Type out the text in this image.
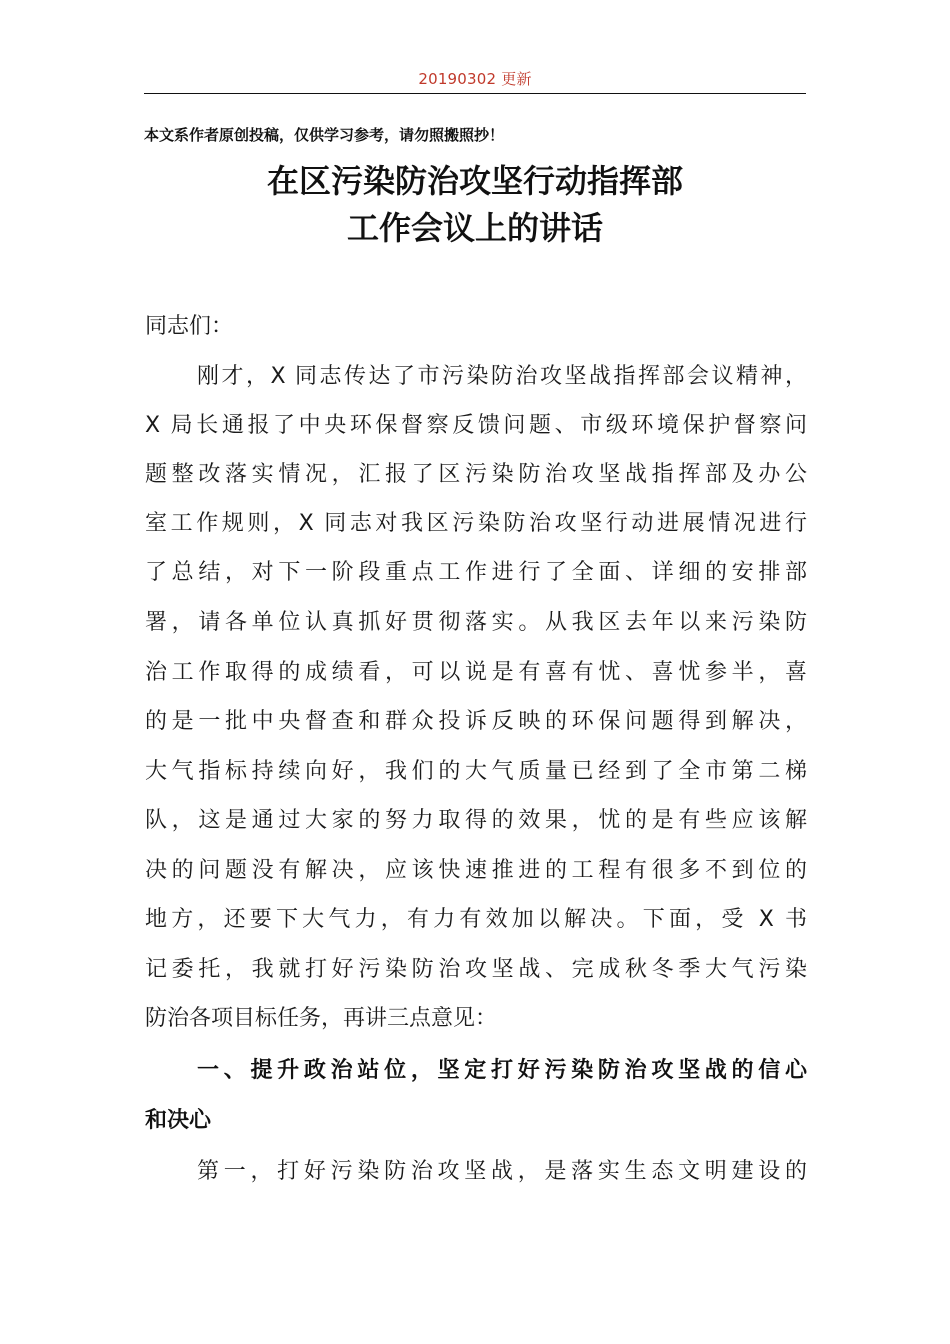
20190302 更新
本文系作者原创投稿，仅供学习参考，请勿照搬照抄！
在区污染防治攻坚行动指挥部
工作会议上的讲话
同志们：
刚才，X 同志传达了市污染防治攻坚战指挥部会议精神，
X 局长通报了中央环保督察反馈问题、市级环境保护督察问
题整改落实情况，汇报了区污染防治攻坚战指挥部及办公
室工作规则，X 同志对我区污染防治攻坚行动进展情况进行
了总结，对下一阶段重点工作进行了全面、详细的安排部
署，请各单位认真抓好贯彻落实。从我区去年以来污染防
治工作取得的成绩看，可以说是有喜有忧、喜忧参半，喜
的是一批中央督查和群众投诉反映的环保问题得到解决，
大气指标持续向好，我们的大气质量已经到了全市第二梯
队，这是通过大家的努力取得的效果，忧的是有些应该解
决的问题没有解决，应该快速推进的工程有很多不到位的
地方，还要下大气力，有力有效加以解决。下面，受 X 书
记委托，我就打好污染防治攻坚战、完成秋冬季大气污染
防治各项目标任务，再讲三点意见：
一、提升政治站位，坚定打好污染防治攻坚战的信心
和决心
第一，打好污染防治攻坚战，是落实生态文明建设的
